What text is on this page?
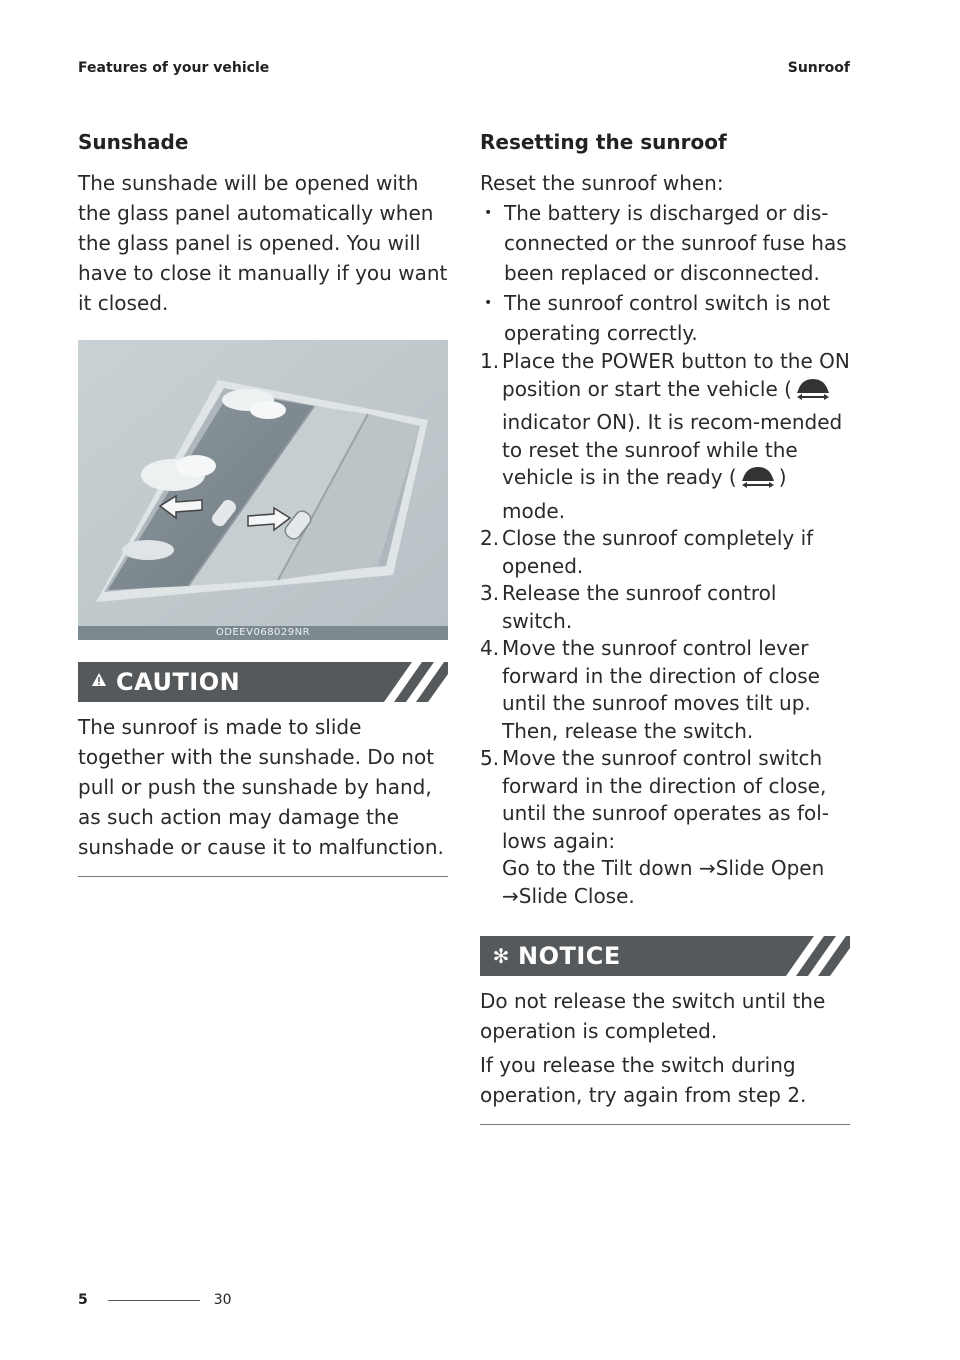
Features of your vehicle	Sunroof
Sunshade

The sunshade will be opened with the glass panel automatically when the glass panel is opened. You will have to close it manually if you want it closed.

ODEEV068029NR
CAUTION

The sunroof is made to slide together with the sunshade. Do not pull or push the sunshade by hand, as such action may damage the sunshade or cause it to malfunction.

Resetting the sunroof

Reset the sunroof when:

• The battery is discharged or dis-connected or the sunroof fuse has been replaced or disconnected.
• The sunroof control switch is not operating correctly.
1. Place the POWER button to the ON position or start the vehicle ( indicator ON). It is recom-mended to reset the sunroof while the vehicle is in the ready ( ) mode.
2. Close the sunroof completely if opened.
3. Release the sunroof control switch.
4. Move the sunroof control lever forward in the direction of close until the sunroof moves tilt up. Then, release the switch.
5. Move the sunroof control switch forward in the direction of close, until the sunroof operates as fol-lows again:
Go to the Tilt down →Slide Open
→Slide Close.
✻ NOTICE

Do not release the switch until the operation is completed.

If you release the switch during operation, try again from step 2.

5	30
